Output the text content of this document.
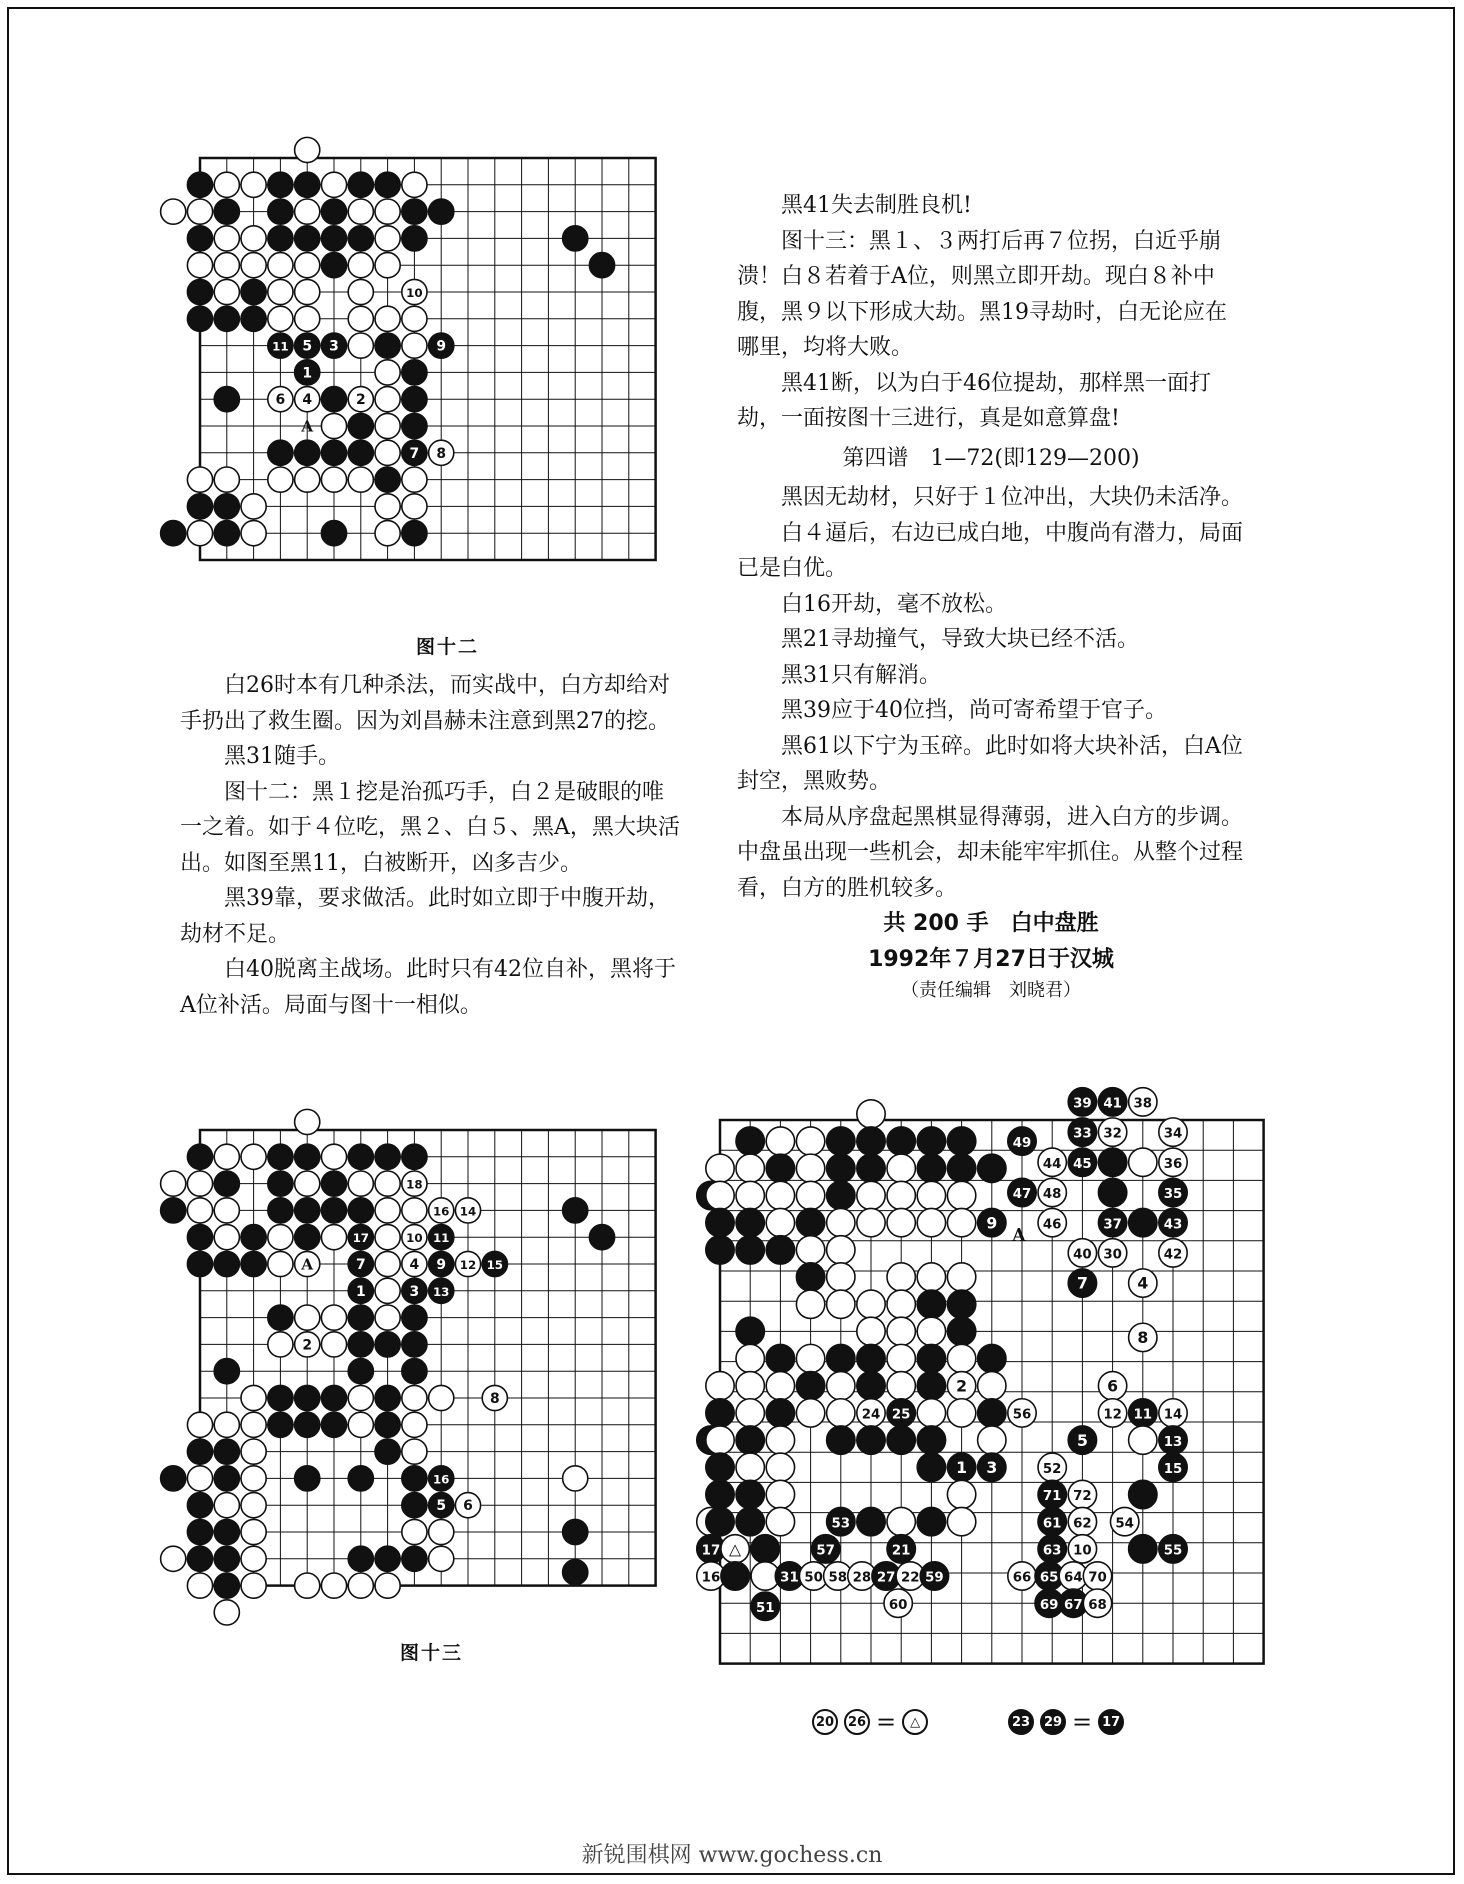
10
11 5 3	9
1
6 4	2
7 8
A
图十二

白26时本有几种杀法，而实战中，白方却给对手扔出了救生圈。因为刘昌赫未注意到黑27的挖。

黑31随手。

图十二：黑１挖是治孤巧手，白２是破眼的唯一之着。如于４位吃，黑２、白５、黑A，黑大块活出。如图至黑11，白被断开，凶多吉少。

黑39靠，要求做活。此时如立即于中腹开劫，劫材不足。

白40脱离主战场。此时只有42位自补，黑将于A位补活。局面与图十一相似。

黑41失去制胜良机!

图十三：黑１、３两打后再７位拐，白近乎崩溃！白８若着于A位，则黑立即开劫。现白８补中腹，黑９以下形成大劫。黑19寻劫时，白无论应在哪里，均将大败。

黑41断，以为白于46位提劫，那样黑一面打劫，一面按图十三进行，真是如意算盘!

第四谱　1—72(即129—200)

黑因无劫材，只好于１位冲出，大块仍未活净。

白４逼后，右边已成白地，中腹尚有潜力，局面已是白优。

白16开劫，毫不放松。

黑21寻劫撞气，导致大块已经不活。

黑31只有解消。

黑39应于40位挡，尚可寄希望于官子。

黑61以下宁为玉碎。此时如将大块补活，白A位封空，黑败势。

本局从序盘起黑棋显得薄弱，进入白方的步调。中盘虽出现一些机会，却未能牢牢抓住。从整个过程看，白方的胜机较多。

共 200 手　白中盘胜

1992年７月27日于汉城

（责任编辑　刘晓君）

18
16 14
17	10 11
7	4 9 12 15
1	3 13
2
8
16
5 6
A
图十三
39 41 38
49
33 32	34
44 45	36
47 48	35
9	46	37	43
40 30	42
7	4
8
2	6
24 25	56	12 11 14
5	13
1 3	52	15
71 72
53	61 62 54
17 △	57	21	63 10	55
16	31 50 58 28 27 22 59	66 65 64 70
51	60	69 67 68
A
20	26 =	△	23	29 = 17
新锐围棋网 www.gochess.cn
